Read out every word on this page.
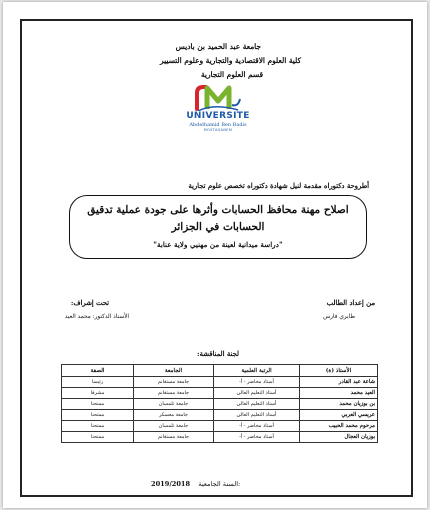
جامعة عبد الحميد بن باديس
كلية العلوم الاقتصادية والتجارية وعلوم التسيير
قسم العلوم التجارية
UNIVERSITE
Abdelhamid Ben Badis
MOSTAGANEM
أطروحة دكتوراه مقدمة لنيل شهادة دكتوراه تخصص علوم تجارية
اصلاح مهنة محافظ الحسابات وأثرها على جودة عملية تدقيق
الحسابات في الجزائر
"دراسة ميدانية لعينة من مهنيي ولاية عنابة"
من إعداد الطالب
طايري فارس
تحت إشراف:
الأستاذ الدكتور: محمد العيد
لجنة المناقشة:
الأستاذ (ة)	الرتبة العلمية	الجامعة	الصفة
شاعة عبد القادر	أستاذ محاضر - أ-	جامعة مستغانم	رئيسا
العيد محمد	أستاذ التعليم العالي	جامعة مستغانم	مشرفا
بن بوزيان محمد	أستاذ التعليم العالي	جامعة تلمسان	ممتحنا
عريسي العربي	أستاذ التعليم العالي	جامعة معسكر	ممتحنا
مرحوم محمد الحبيب	أستاذ محاضر - أ-	جامعة تلمسان	ممتحنا
بوزيان العجال	أستاذ محاضر - أ-	جامعة مستغانم	ممتحنا
2019/2018 السنة الجامعية:
